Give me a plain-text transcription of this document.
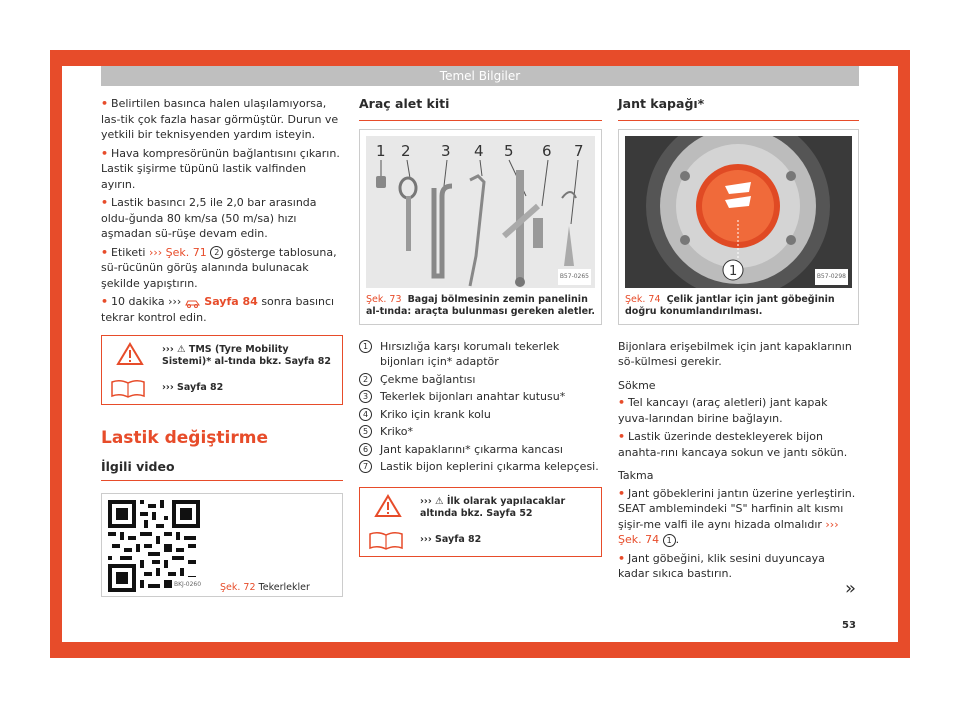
Temel Bilgiler
• Belirtilen basınca halen ulaşılamıyorsa, las-tik çok fazla hasar görmüştür. Durun ve yetkili bir teknisyenden yardım isteyin.
• Hava kompresörünün bağlantısını çıkarın. Lastik şişirme tüpünü lastik valfinden ayırın.
• Lastik basıncı 2,5 ile 2,0 bar arasında oldu-ğunda 80 km/sa (50 m/sa) hızı aşmadan sü-rüşe devam edin.
• Etiketi ››› Şek. 71 2 gösterge tablosuna, sü-rücünün görüş alanında bulunacak şekilde yapıştırın.
• 10 dakika ››› Sayfa 84 sonra basıncı tekrar kontrol edin.
››› ⚠ TMS (Tyre Mobility Sistemi)* al-tında bkz. Sayfa 82
››› Sayfa 82
Lastik değiştirme
İlgili video
BKJ-0260 Şek. 72 Tekerlekler
Araç alet kiti
1 2 3 4 5 6 7
B57-0265
Şek. 73 Bagaj bölmesinin zemin panelinin al-tında: araçta bulunması gereken aletler.
1	Hırsızlığa karşı korumalı tekerlek bijonları için* adaptör
2	Çekme bağlantısı
3	Tekerlek bijonları anahtar kutusu*
4	Kriko için krank kolu
5	Kriko*
6	Jant kapaklarını* çıkarma kancası
7	Lastik bijon keplerini çıkarma kelepçesi.
››› ⚠ İlk olarak yapılacaklar altında bkz. Sayfa 52
››› Sayfa 82
Jant kapağı*
1	B57-0298
Şek. 74 Çelik jantlar için jant göbeğinin doğru konumlandırılması.
Bijonlara erişebilmek için jant kapaklarının sö-külmesi gerekir.
Sökme
• Tel kancayı (araç aletleri) jant kapak yuva-larından birine bağlayın.
• Lastik üzerinde destekleyerek bijon anahta-rını kancaya sokun ve jantı sökün.
Takma
• Jant göbeklerini jantın üzerine yerleştirin. SEAT amblemindeki "S" harfinin alt kısmı şişir-me valfi ile aynı hizada olmalıdır ››› Şek. 74 1 .
• Jant göbeğini, klik sesini duyuncaya kadar sıkıca bastırın.
»
53
